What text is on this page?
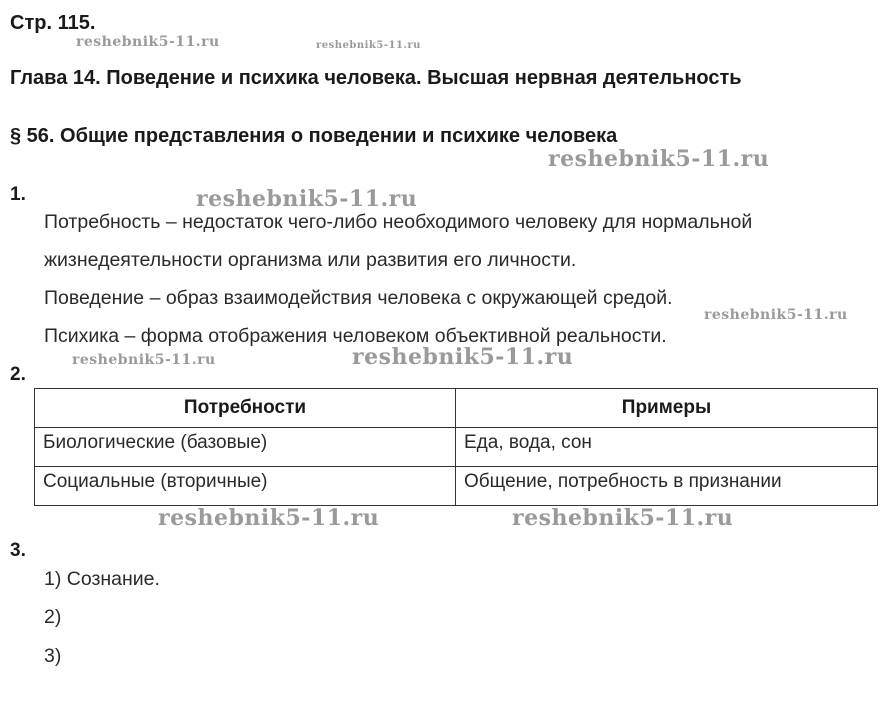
Стр. 115.
reshebnik5-11.ru	reshebnik5-11.ru
Глава 14. Поведение и психика человека. Высшая нервная деятельность
§ 56. Общие представления о поведении и психике человека
reshebnik5-11.ru
1.	reshebnik5-11.ru
Потребность – недостаток чего-либо необходимого человеку для нормальной
жизнедеятельности организма или развития его личности.
Поведение – образ взаимодействия человека с окружающей средой.
reshebnik5-11.ru
Психика – форма отображения человеком объективной реальности.
reshebnik5-11.ru	reshebnik5-11.ru
2.
Потребности	Примеры
Биологические (базовые)	Еда, вода, сон
Социальные (вторичные)	Общение, потребность в признании
reshebnik5-11.ru	reshebnik5-11.ru
3.
1) Сознание.
2)
3)
